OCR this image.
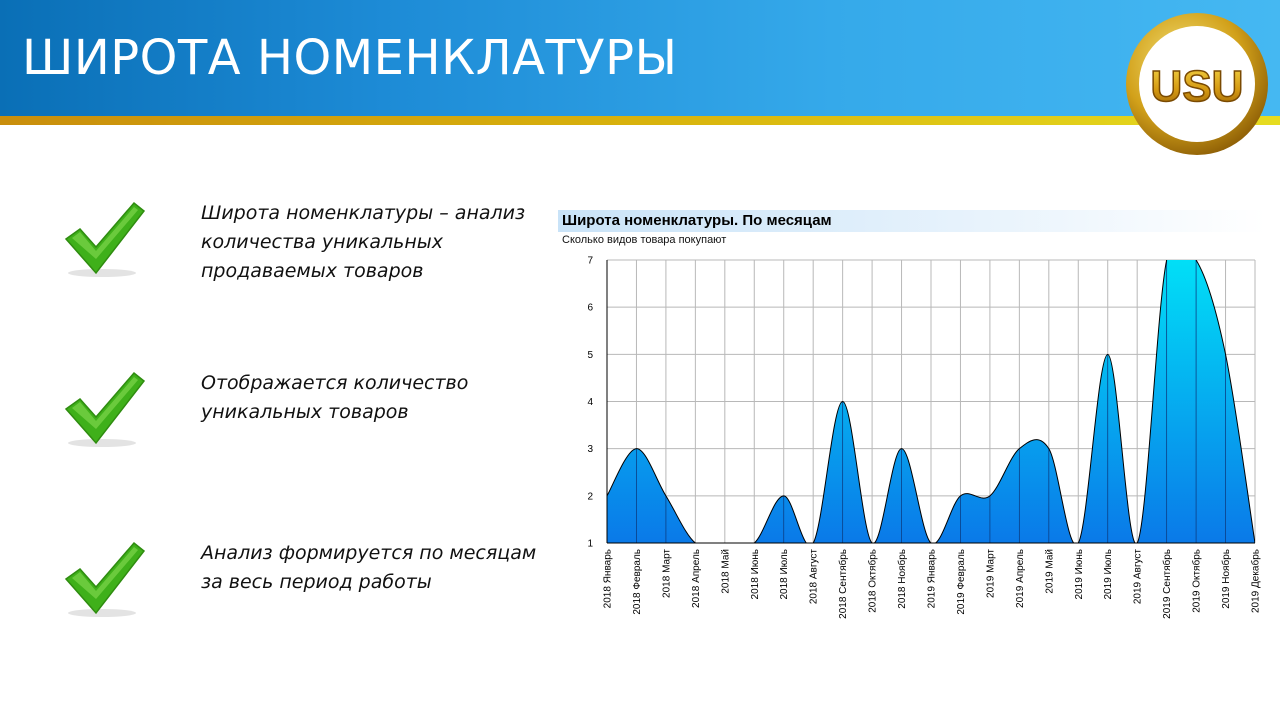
ШИРОТА НОМЕНКЛАТУРЫ
USU
Широта номенклатуры – анализ количества уникальных продаваемых товаров
Отображается количество уникальных товаров
Анализ формируется по месяцам за весь период работы
Широта номенклатуры. По месяцам
Сколько видов товара покупают
1
2
3
4
5
6
7
2018 Январь 2018 Февраль 2018 Март 2018 Апрель 2018 Май 2018 Июнь 2018 Июль 2018 Август 2018 Сентябрь 2018 Октябрь 2018 Ноябрь 2019 Январь 2019 Февраль 2019 Март 2019 Апрель 2019 Май 2019 Июнь 2019 Июль 2019 Август 2019 Сентябрь 2019 Октябрь 2019 Ноябрь 2019 Декабрь
